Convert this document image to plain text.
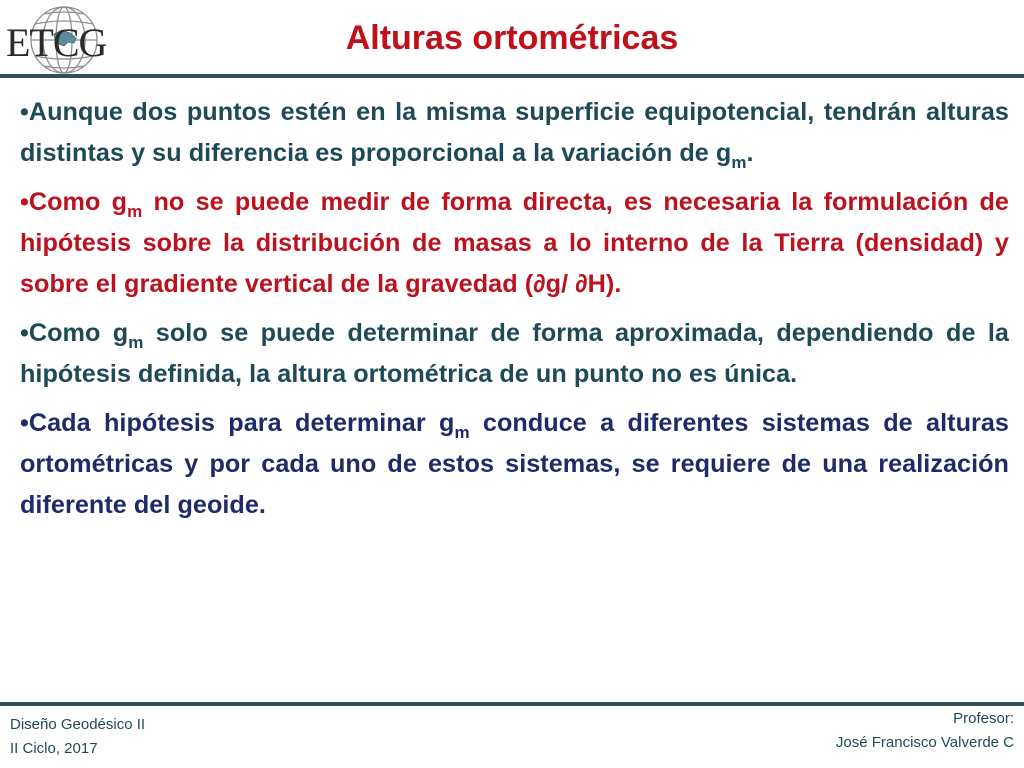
ETCG	Alturas ortométricas

•Aunque dos puntos estén en la misma superficie equipotencial, tendrán alturas distintas y su diferencia es proporcional a la variación de $g_m$.

•Como $g_m$ no se puede medir de forma directa, es necesaria la formulación de hipótesis sobre la distribución de masas a lo interno de la Tierra (densidad) y sobre el gradiente vertical de la gravedad (∂g/ ∂H).

•Como $g_m$ solo se puede determinar de forma aproximada, dependiendo de la hipótesis definida, la altura ortométrica de un punto no es única.

•Cada hipótesis para determinar $g_m$ conduce a diferentes sistemas de alturas ortométricas y por cada uno de estos sistemas, se requiere de una realización diferente del geoide.

Diseño Geodésico II
II Ciclo, 2017
Profesor:
José Francisco Valverde C
